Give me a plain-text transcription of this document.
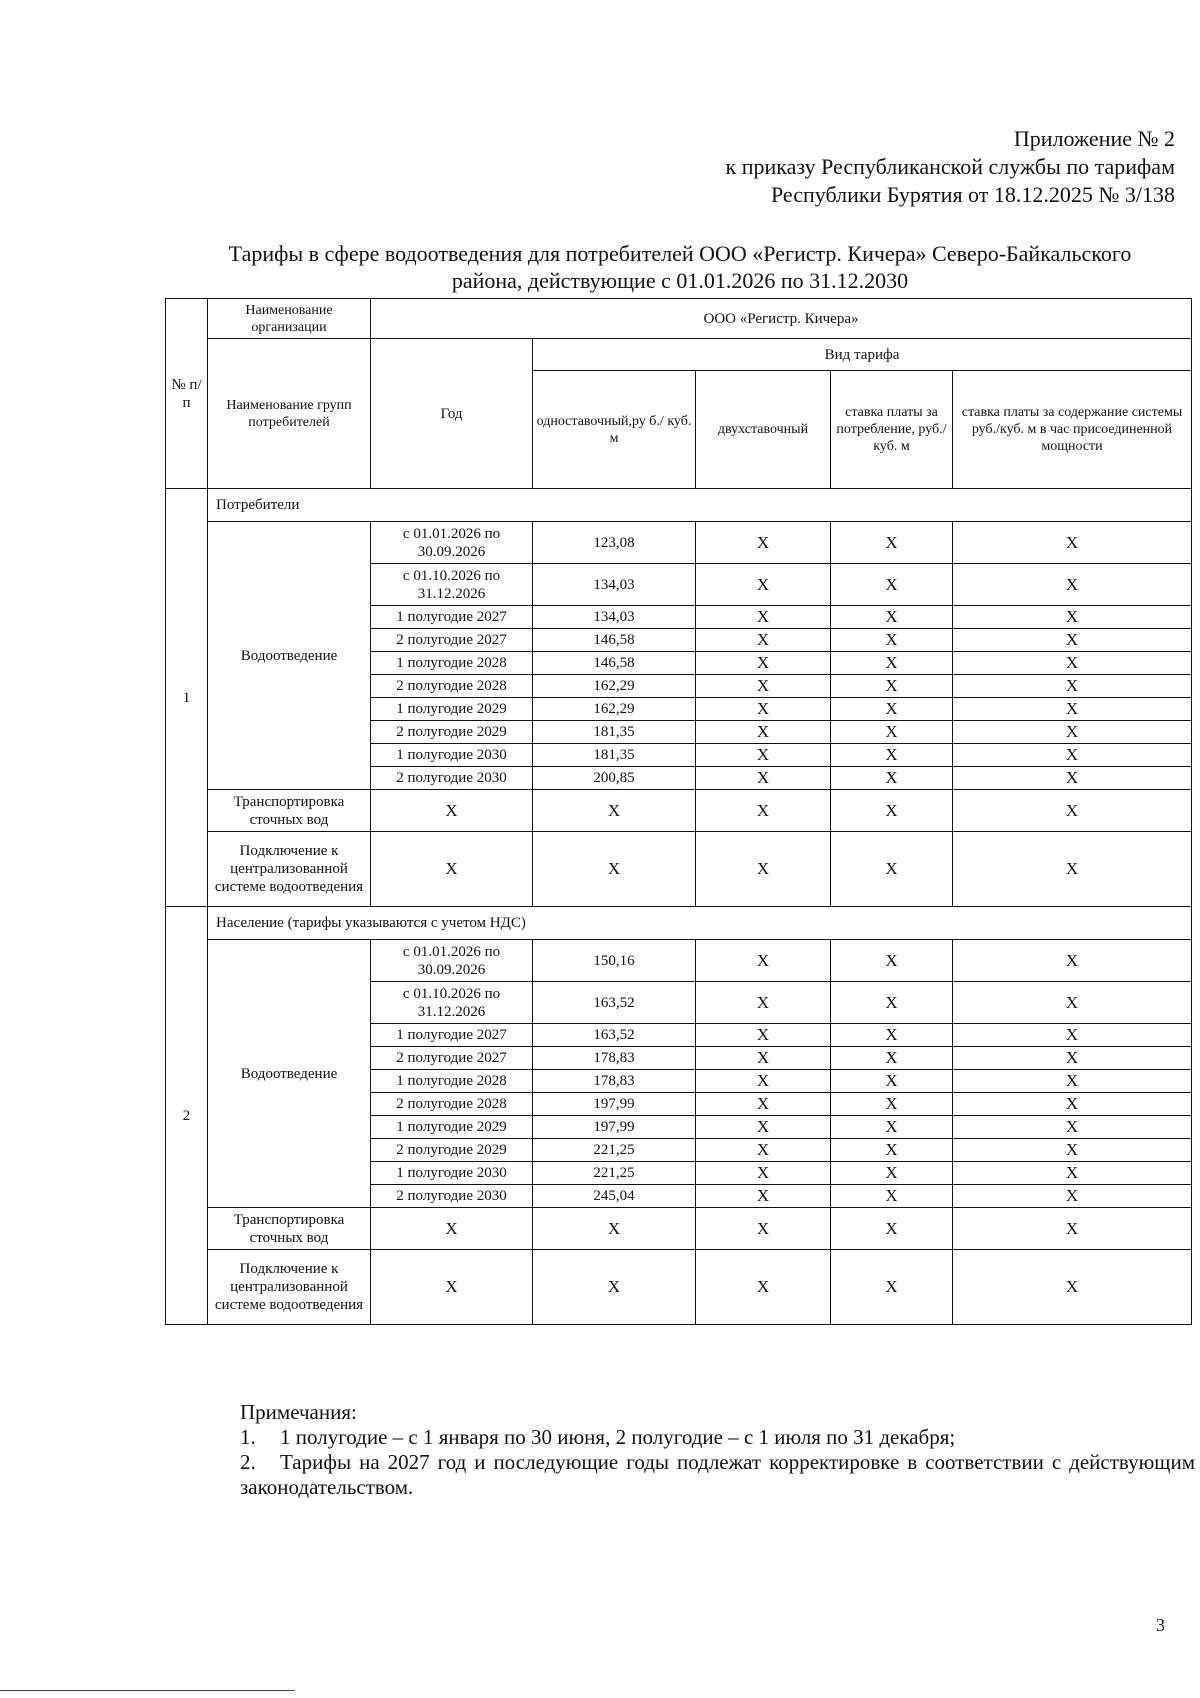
Приложение № 2
к приказу Республиканской службы по тарифам
Республики Бурятия от 18.12.2025 № 3/138
Тарифы в сфере водоотведения для потребителей ООО «Регистр. Кичера» Северо-Байкальского
района, действующие с 01.01.2026 по 31.12.2030
№ п/ п	Наименование организации	ООО «Регистр. Кичера»				
	Наименование групп потребителей	Год	Вид тарифа			
			одноставочный,ру б./ куб. м	двухставочный	ставка платы за потребление, руб./ куб. м	ставка платы за содержание системы руб./куб. м в час присоединенной мощности
1	Потребители					
	Водоотведение	с 01.01.2026 по 30.09.2026	123,08	Х	Х	Х
		с 01.10.2026 по 31.12.2026	134,03	Х	Х	Х
		1 полугодие 2027	134,03	Х	Х	Х
		2 полугодие 2027	146,58	Х	Х	Х
		1 полугодие 2028	146,58	Х	Х	Х
		2 полугодие 2028	162,29	Х	Х	Х
		1 полугодие 2029	162,29	Х	Х	Х
		2 полугодие 2029	181,35	Х	Х	Х
		1 полугодие 2030	181,35	Х	Х	Х
		2 полугодие 2030	200,85	Х	Х	Х
	Транспортировка сточных вод	Х	Х	Х	Х	Х
	Подключение к централизованной системе водоотведения	Х	Х	Х	Х	Х
2	Население (тарифы указываются с учетом НДС)					
	Водоотведение	с 01.01.2026 по 30.09.2026	150,16	Х	Х	Х
		с 01.10.2026 по 31.12.2026	163,52	Х	Х	Х
		1 полугодие 2027	163,52	Х	Х	Х
		2 полугодие 2027	178,83	Х	Х	Х
		1 полугодие 2028	178,83	Х	Х	Х
		2 полугодие 2028	197,99	Х	Х	Х
		1 полугодие 2029	197,99	Х	Х	Х
		2 полугодие 2029	221,25	Х	Х	Х
		1 полугодие 2030	221,25	Х	Х	Х
		2 полугодие 2030	245,04	Х	Х	Х
	Транспортировка сточных вод	Х	Х	Х	Х	Х
	Подключение к централизованной системе водоотведения	Х	Х	Х	Х	Х
Примечания:
1. 1 полугодие – с 1 января по 30 июня, 2 полугодие – с 1 июля по 31 декабря;
2. Тарифы на 2027 год и последующие годы подлежат корректировке в соответствии с действующим законодательством.
3
